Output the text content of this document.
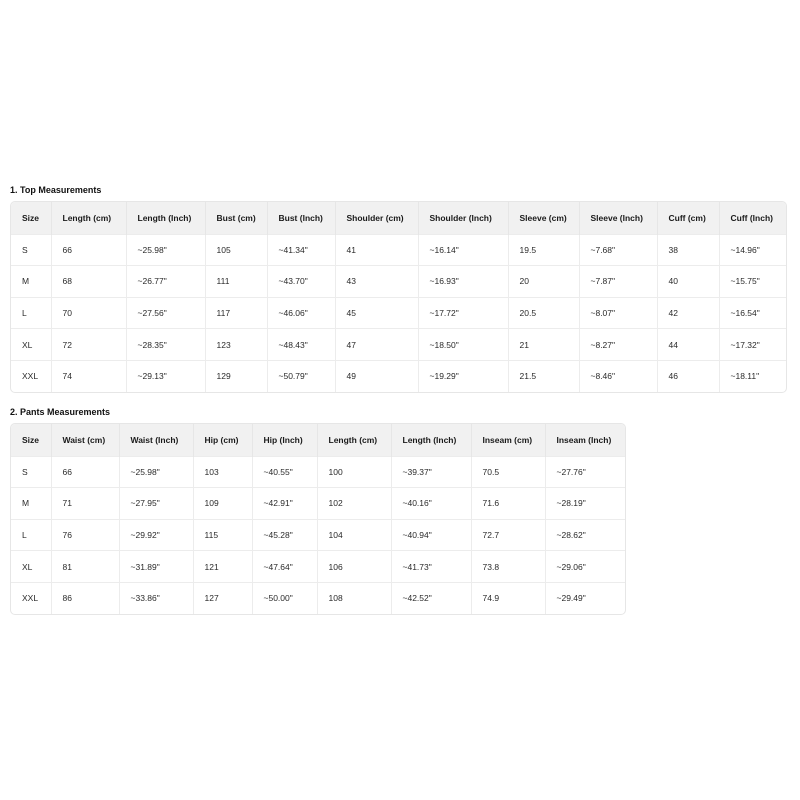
1. Top Measurements
Size	Length (cm)	Length (Inch)	Bust (cm)	Bust (Inch)	Shoulder (cm)	Shoulder (Inch)	Sleeve (cm)	Sleeve (Inch)	Cuff (cm)	Cuff (Inch)
S	66	~25.98"	105	~41.34"	41	~16.14"	19.5	~7.68"	38	~14.96"
M	68	~26.77"	111	~43.70"	43	~16.93"	20	~7.87"	40	~15.75"
L	70	~27.56"	117	~46.06"	45	~17.72"	20.5	~8.07"	42	~16.54"
XL	72	~28.35"	123	~48.43"	47	~18.50"	21	~8.27"	44	~17.32"
XXL	74	~29.13"	129	~50.79"	49	~19.29"	21.5	~8.46"	46	~18.11"
2. Pants Measurements
Size	Waist (cm)	Waist (Inch)	Hip (cm)	Hip (Inch)	Length (cm)	Length (Inch)	Inseam (cm)	Inseam (Inch)
S	66	~25.98"	103	~40.55"	100	~39.37"	70.5	~27.76"
M	71	~27.95"	109	~42.91"	102	~40.16"	71.6	~28.19"
L	76	~29.92"	115	~45.28"	104	~40.94"	72.7	~28.62"
XL	81	~31.89"	121	~47.64"	106	~41.73"	73.8	~29.06"
XXL	86	~33.86"	127	~50.00"	108	~42.52"	74.9	~29.49"
